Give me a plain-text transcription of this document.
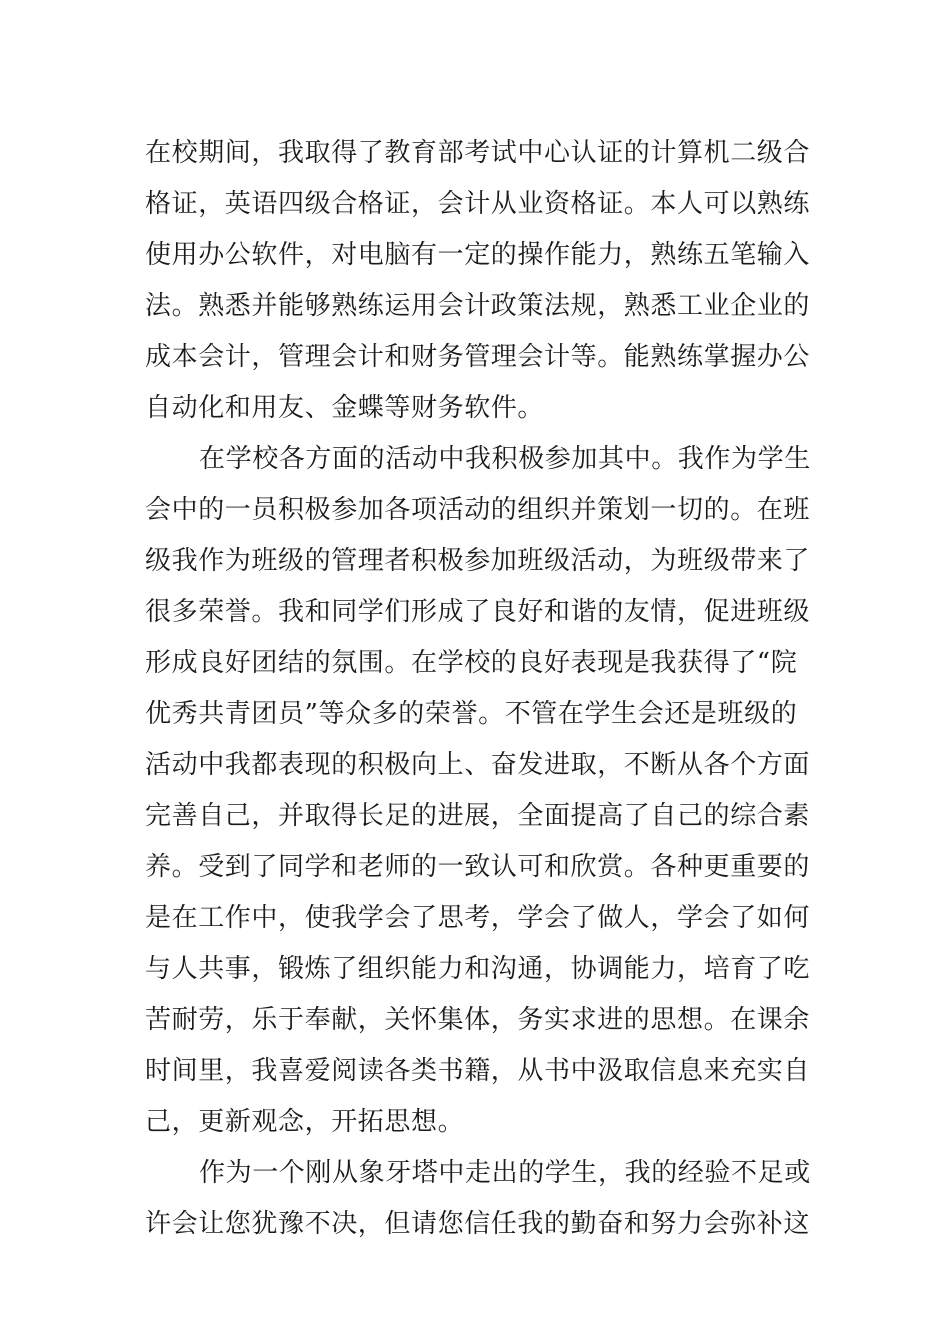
在校期间，我取得了教育部考试中心认证的计算机二级合
格证，英语四级合格证，会计从业资格证。本人可以熟练
使用办公软件，对电脑有一定的操作能力，熟练五笔输入
法。熟悉并能够熟练运用会计政策法规，熟悉工业企业的
成本会计，管理会计和财务管理会计等。能熟练掌握办公
自动化和用友、金蝶等财务软件。
在学校各方面的活动中我积极参加其中。我作为学生
会中的一员积极参加各项活动的组织并策划一切的。在班
级我作为班级的管理者积极参加班级活动，为班级带来了
很多荣誉。我和同学们形成了良好和谐的友情，促进班级
形成良好团结的氛围。在学校的良好表现是我获得了“院
优秀共青团员”等众多的荣誉。不管在学生会还是班级的
活动中我都表现的积极向上、奋发进取，不断从各个方面
完善自己，并取得长足的进展，全面提高了自己的综合素
养。受到了同学和老师的一致认可和欣赏。各种更重要的
是在工作中，使我学会了思考，学会了做人，学会了如何
与人共事，锻炼了组织能力和沟通，协调能力，培育了吃
苦耐劳，乐于奉献，关怀集体，务实求进的思想。在课余
时间里，我喜爱阅读各类书籍，从书中汲取信息来充实自
己，更新观念，开拓思想。
作为一个刚从象牙塔中走出的学生，我的经验不足或
许会让您犹豫不决，但请您信任我的勤奋和努力会弥补这
